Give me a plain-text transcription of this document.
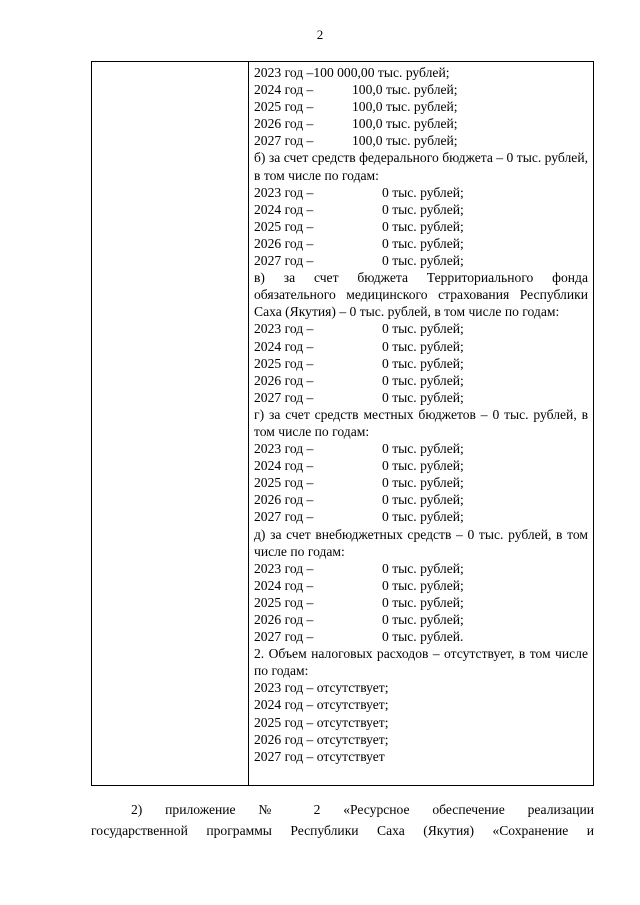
2
2023 год –100 000,00 тыс. рублей;
2024 год –	100,0 тыс. рублей;
2025 год –	100,0 тыс. рублей;
2026 год –	100,0 тыс. рублей;
2027 год –	100,0 тыс. рублей;
б) за счет средств федерального бюджета – 0 тыс. рублей, в том числе по годам:
2023 год –	0 тыс. рублей;
2024 год –	0 тыс. рублей;
2025 год –	0 тыс. рублей;
2026 год –	0 тыс. рублей;
2027 год –	0 тыс. рублей;
в) за счет бюджета Территориального фонда обязательного медицинского страхования Республики Саха (Якутия) – 0 тыс. рублей, в том числе по годам:
2023 год –	0 тыс. рублей;
2024 год –	0 тыс. рублей;
2025 год –	0 тыс. рублей;
2026 год –	0 тыс. рублей;
2027 год –	0 тыс. рублей;
г) за счет средств местных бюджетов – 0 тыс. рублей, в том числе по годам:
2023 год –	0 тыс. рублей;
2024 год –	0 тыс. рублей;
2025 год –	0 тыс. рублей;
2026 год –	0 тыс. рублей;
2027 год –	0 тыс. рублей;
д) за счет внебюджетных средств – 0 тыс. рублей, в том числе по годам:
2023 год –	0 тыс. рублей;
2024 год –	0 тыс. рублей;
2025 год –	0 тыс. рублей;
2026 год –	0 тыс. рублей;
2027 год –	0 тыс. рублей.
2. Объем налоговых расходов – отсутствует, в том числе по годам:
2023 год – отсутствует;
2024 год – отсутствует;
2025 год – отсутствует;
2026 год – отсутствует;
2027 год – отсутствует
2) приложение № 2 «Ресурсное обеспечение реализации
государственной программы Республики Саха (Якутия) «Сохранение и
